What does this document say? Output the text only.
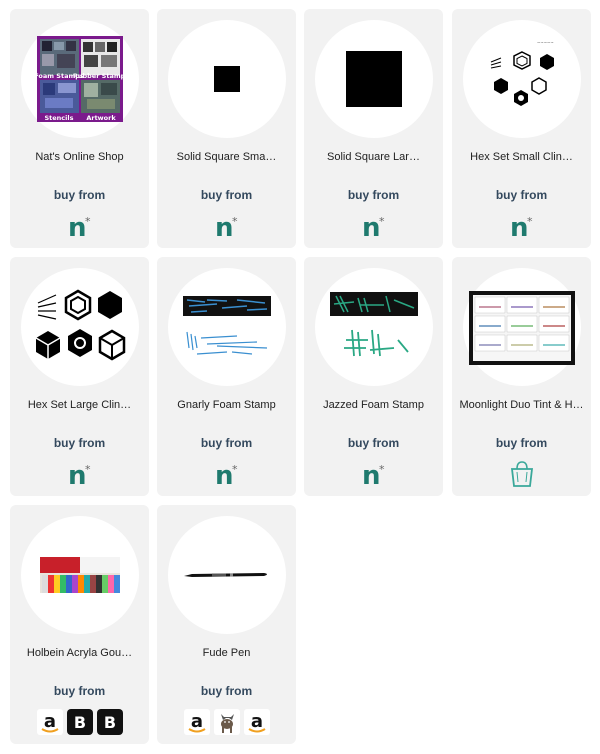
Foam Stamps
Rubber Stamps
Stencils Artwork
Nat's Online Shop
buy from
n
*
Solid Square Sma…
buy from
n
*
Solid Square Lar…
buy from
n
*
~~~~~
Hex Set Small Clin…
buy from
n
*
Hex Set Large Clin…
buy from
n
*
Gnarly Foam Stamp
buy from
n
*
Jazzed Foam Stamp
buy from
n
*
Moonlight Duo Tint & H…
buy from
Holbein Acryla Gou…
buy from
a B B
Fude Pen
buy from
a	a
